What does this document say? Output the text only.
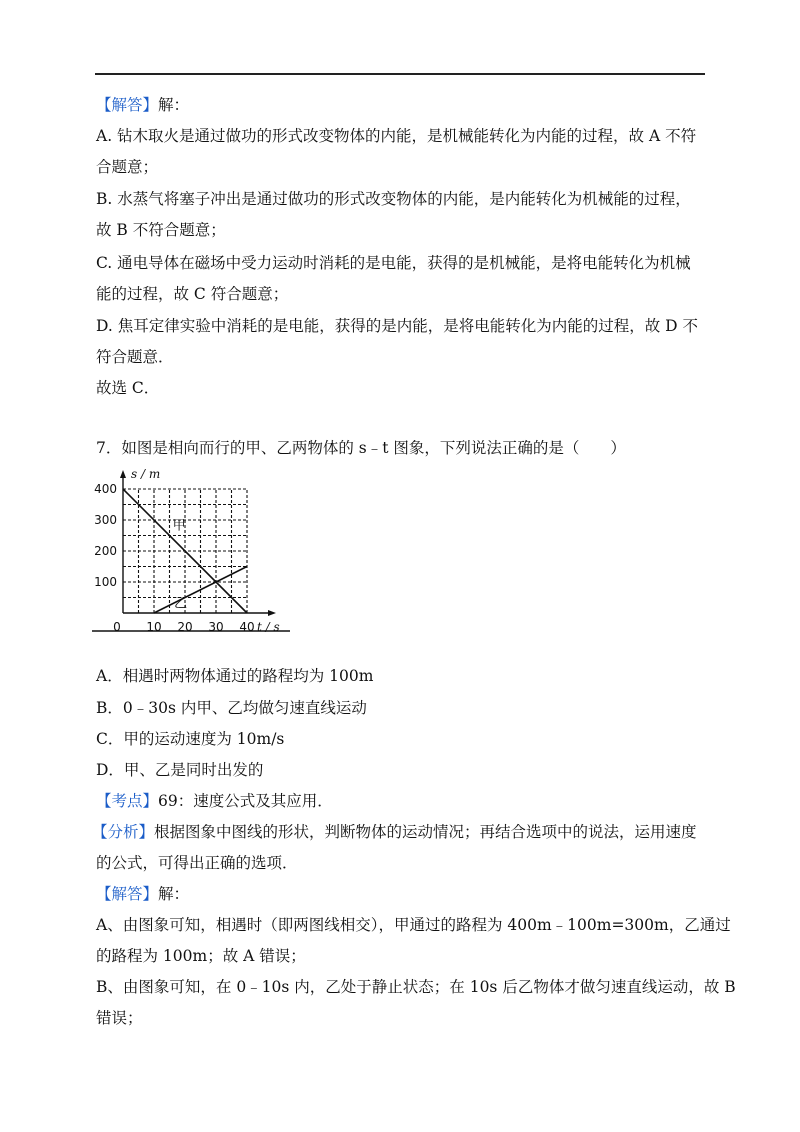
【解答】解：
A. 钻木取火是通过做功的形式改变物体的内能，是机械能转化为内能的过程，故 A 不符
合题意；
B. 水蒸气将塞子冲出是通过做功的形式改变物体的内能，是内能转化为机械能的过程，
故 B 不符合题意；
C. 通电导体在磁场中受力运动时消耗的是电能，获得的是机械能，是将电能转化为机械
能的过程，故 C 符合题意；
D. 焦耳定律实验中消耗的是电能，获得的是内能，是将电能转化为内能的过程，故 D 不
符合题意．
故选 C．
7．如图是相向而行的甲、乙两物体的 s﹣t 图象，下列说法正确的是（　　）
100
200
300
400
0 10 20 30 40
s / m
t / s
甲
乙
A．相遇时两物体通过的路程均为 100m
B．0﹣30s 内甲、乙均做匀速直线运动
C．甲的运动速度为 10m/s
D．甲、乙是同时出发的
【考点】69：速度公式及其应用．
【分析】根据图象中图线的形状，判断物体的运动情况；再结合选项中的说法，运用速度
的公式，可得出正确的选项．
【解答】解：
A、由图象可知，相遇时（即两图线相交），甲通过的路程为 400m﹣100m=300m，乙通过
的路程为 100m；故 A 错误；
B、由图象可知，在 0﹣10s 内，乙处于静止状态；在 10s 后乙物体才做匀速直线运动，故 B
错误；
